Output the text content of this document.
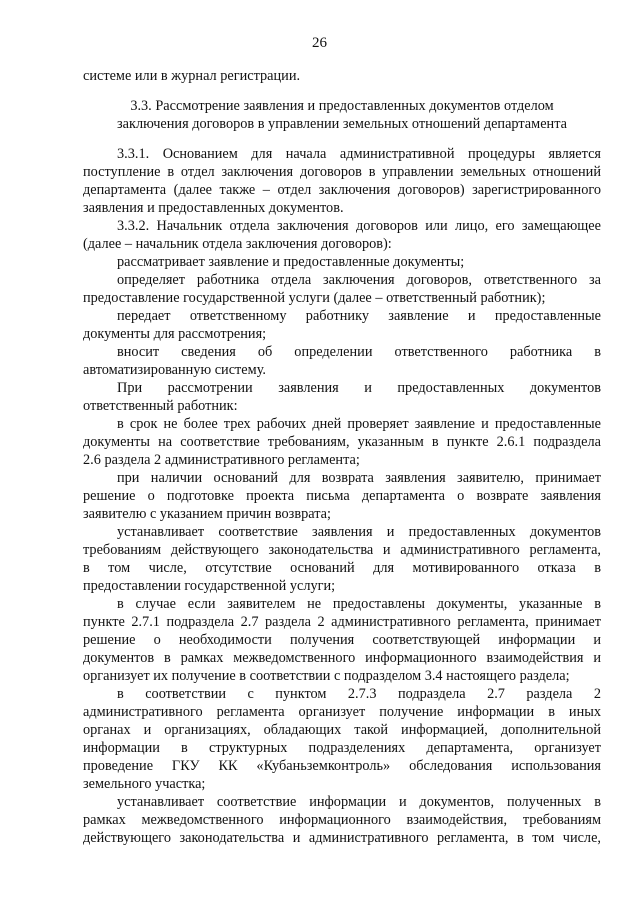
26
системе или в журнал регистрации.
3.3. Рассмотрение заявления и предоставленных документов отделом
заключения договоров в управлении земельных отношений департамента
3.3.1. Основанием для начала административной процедуры является
поступление в отдел заключения договоров в управлении земельных отношений
департамента (далее также – отдел заключения договоров) зарегистрированного
заявления и предоставленных документов.
3.3.2. Начальник отдела заключения договоров или лицо, его замещающее
(далее – начальник отдела заключения договоров):
рассматривает заявление и предоставленные документы;
определяет работника отдела заключения договоров, ответственного за
предоставление государственной услуги (далее – ответственный работник);
передает ответственному работнику заявление и предоставленные
документы для рассмотрения;
вносит сведения об определении ответственного работника в
автоматизированную систему.
При рассмотрении заявления и предоставленных документов
ответственный работник:
в срок не более трех рабочих дней проверяет заявление и предоставленные
документы на соответствие требованиям, указанным в пункте 2.6.1 подраздела
2.6 раздела 2 административного регламента;
при наличии оснований для возврата заявления заявителю, принимает
решение о подготовке проекта письма департамента о возврате заявления
заявителю с указанием причин возврата;
устанавливает соответствие заявления и предоставленных документов
требованиям действующего законодательства и административного регламента,
в том числе, отсутствие оснований для мотивированного отказа в
предоставлении государственной услуги;
в случае если заявителем не предоставлены документы, указанные в
пункте 2.7.1 подраздела 2.7 раздела 2 административного регламента, принимает
решение о необходимости получения соответствующей информации и
документов в рамках межведомственного информационного взаимодействия и
организует их получение в соответствии с подразделом 3.4 настоящего раздела;
в соответствии с пунктом 2.7.3 подраздела 2.7 раздела 2
административного регламента организует получение информации в иных
органах и организациях, обладающих такой информацией, дополнительной
информации в структурных подразделениях департамента, организует
проведение ГКУ КК «Кубаньземконтроль» обследования использования
земельного участка;
устанавливает соответствие информации и документов, полученных в
рамках межведомственного информационного взаимодействия, требованиям
действующего законодательства и административного регламента, в том числе,
